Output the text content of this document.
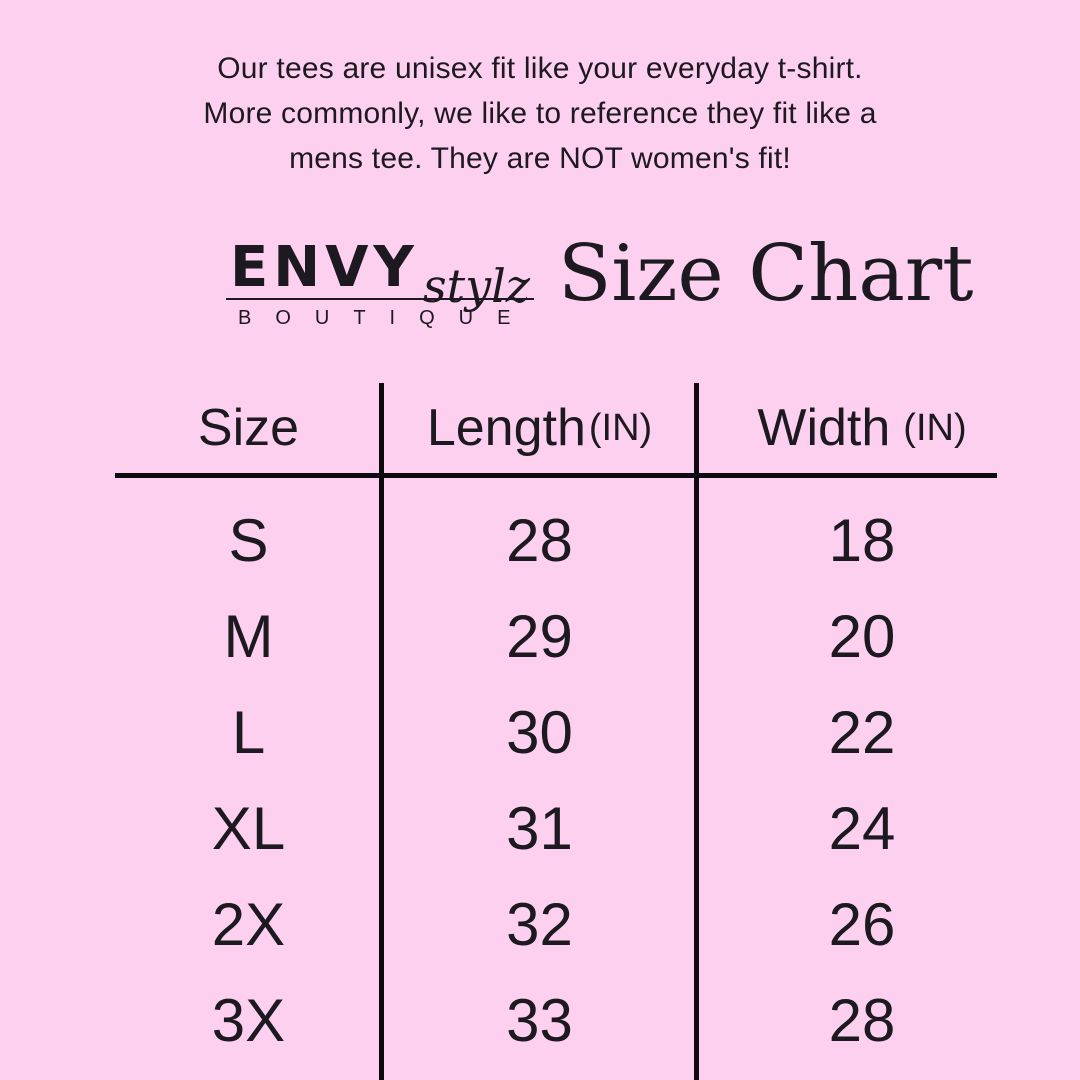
Our tees are unisex fit like your everyday t-shirt.
More commonly, we like to reference they fit like a
mens tee. They are NOT women's fit!
ENVY stylz
BOUTIQUE Size Chart
Size Length (IN) Width (IN)
S	28	18
M	29	20
L	30	22
XL	31	24
2X	32	26
3X	33	28
